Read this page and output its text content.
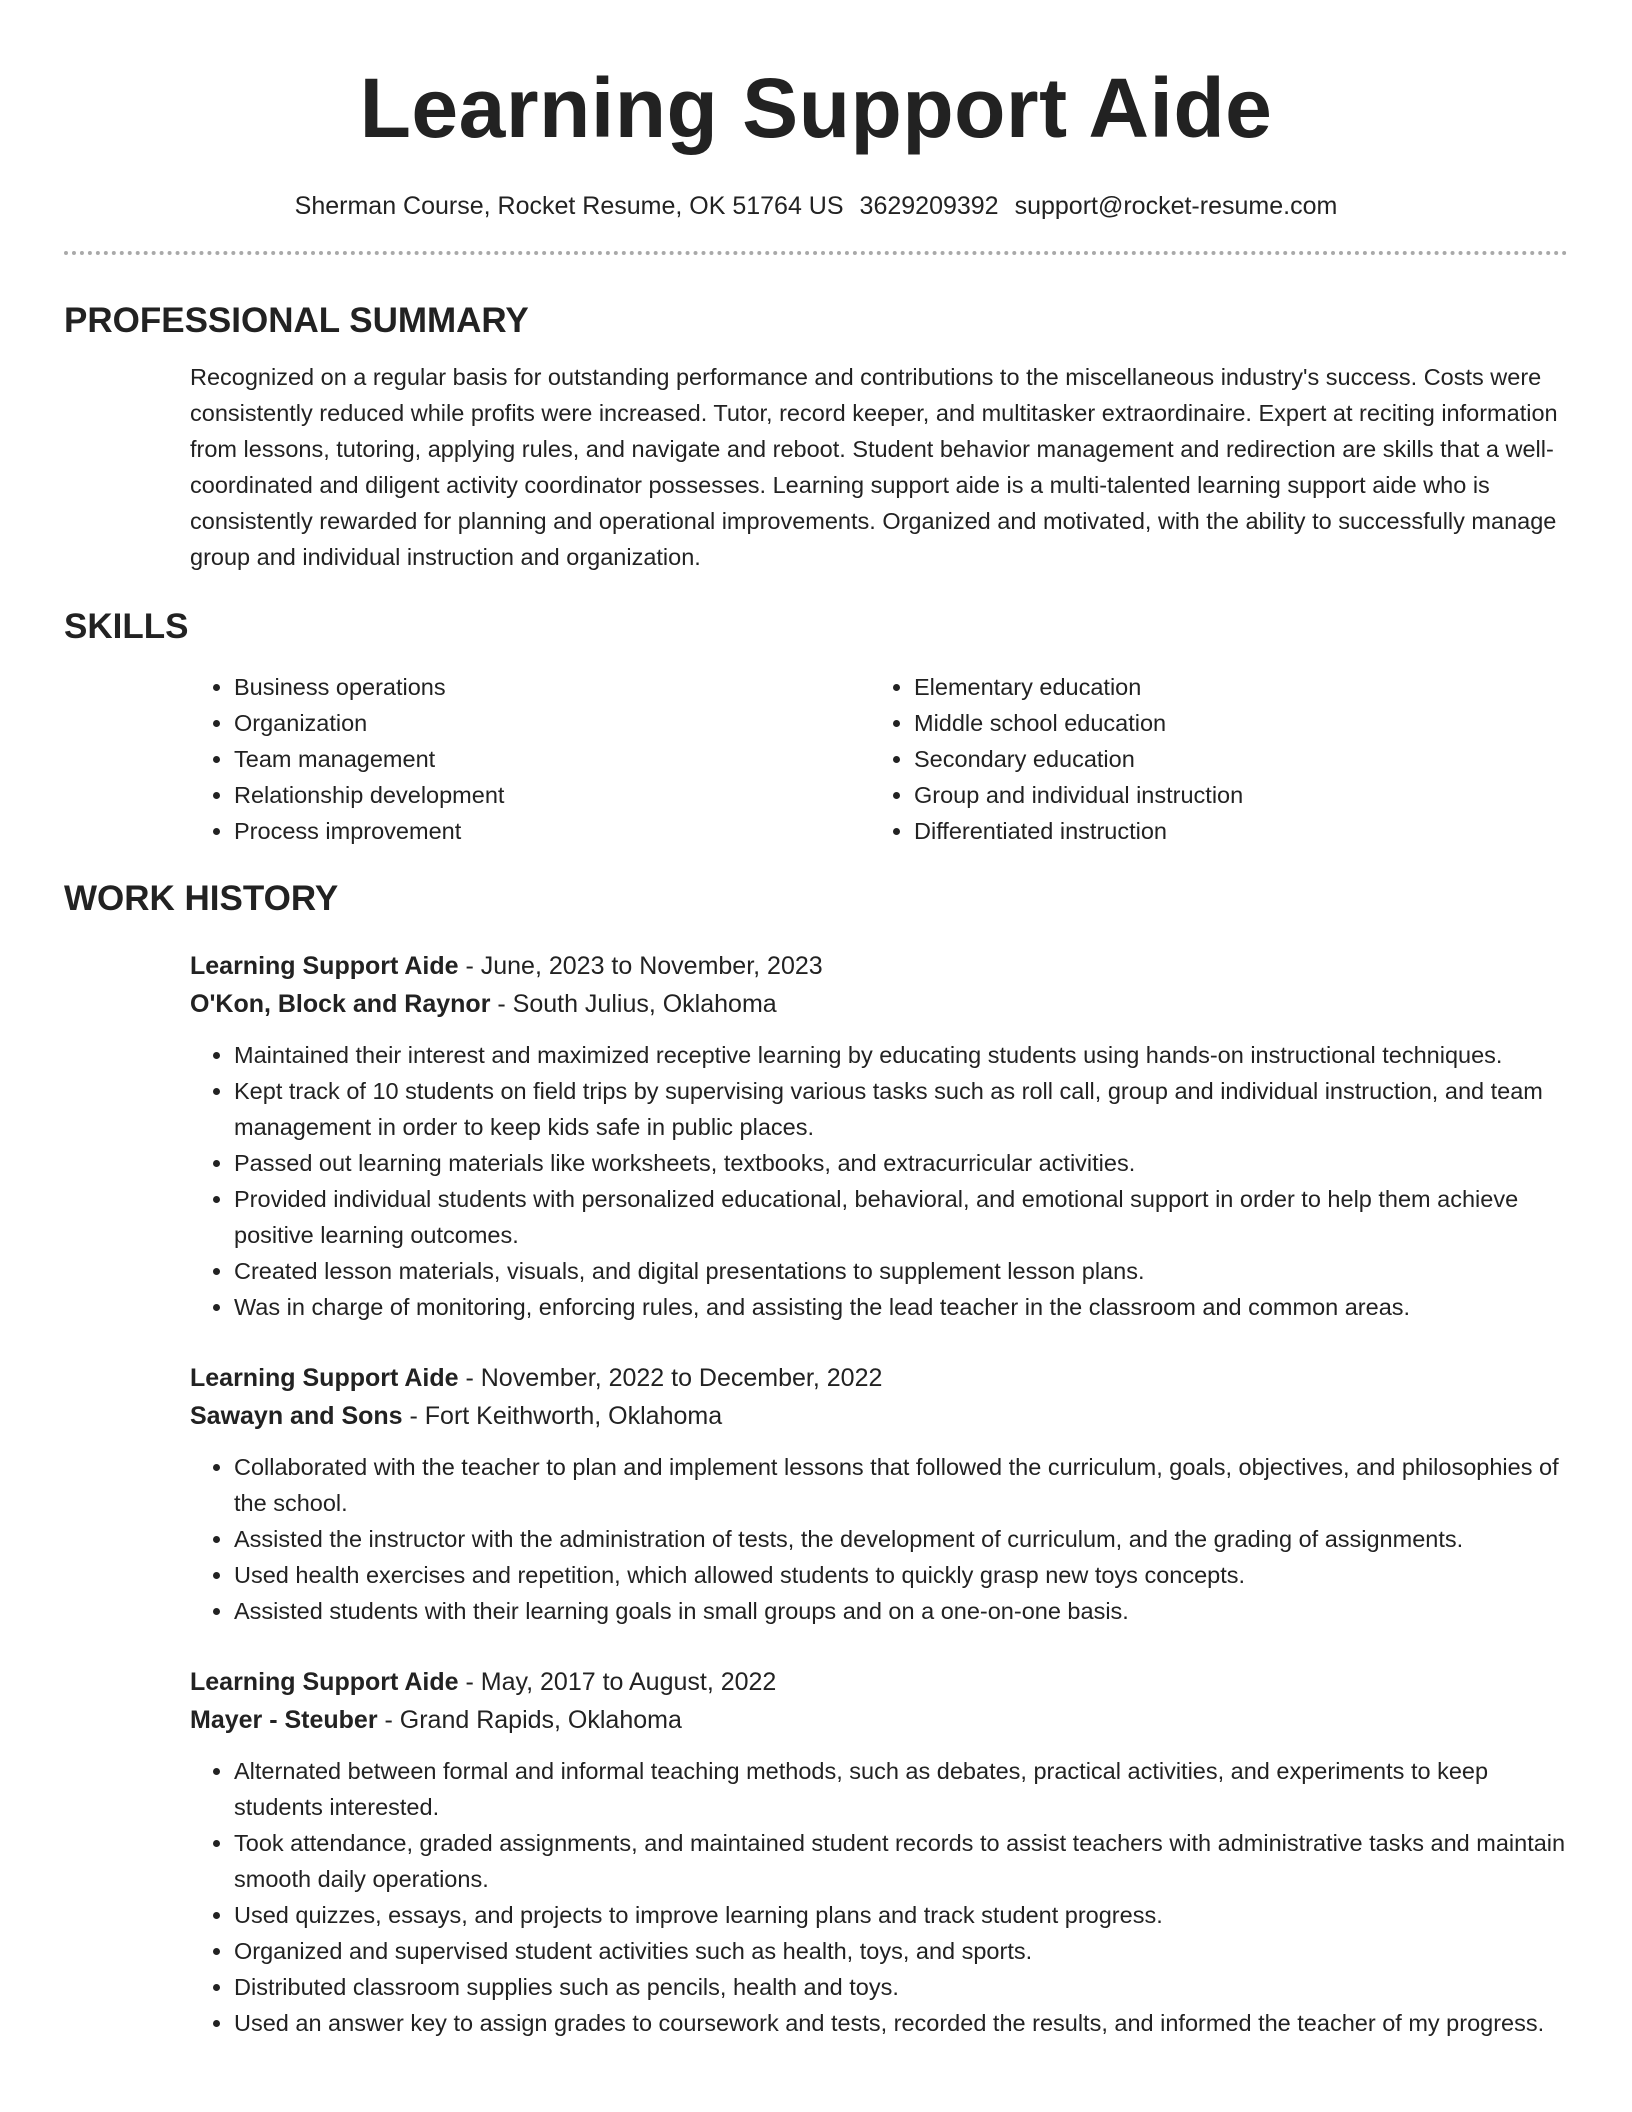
Learning Support Aide
Sherman Course, Rocket Resume, OK 51764 US 3629209392 support@rocket-resume.com
PROFESSIONAL SUMMARY

Recognized on a regular basis for outstanding performance and contributions to the miscellaneous industry's success. Costs were consistently reduced while profits were increased. Tutor, record keeper, and multitasker extraordinaire. Expert at reciting information from lessons, tutoring, applying rules, and navigate and reboot. Student behavior management and redirection are skills that a well-coordinated and diligent activity coordinator possesses. Learning support aide is a multi-talented learning support aide who is consistently rewarded for planning and operational improvements. Organized and motivated, with the ability to successfully manage group and individual instruction and organization.

SKILLS
• Business operations
• Organization
• Team management
• Relationship development
• Process improvement
• Elementary education
• Middle school education
• Secondary education
• Group and individual instruction
• Differentiated instruction
WORK HISTORY
Learning Support Aide - June, 2023 to November, 2023
O'Kon, Block and Raynor - South Julius, Oklahoma
• Maintained their interest and maximized receptive learning by educating students using hands-on instructional techniques.
• Kept track of 10 students on field trips by supervising various tasks such as roll call, group and individual instruction, and team management in order to keep kids safe in public places.
• Passed out learning materials like worksheets, textbooks, and extracurricular activities.
• Provided individual students with personalized educational, behavioral, and emotional support in order to help them achieve positive learning outcomes.
• Created lesson materials, visuals, and digital presentations to supplement lesson plans.
• Was in charge of monitoring, enforcing rules, and assisting the lead teacher in the classroom and common areas.
Learning Support Aide - November, 2022 to December, 2022
Sawayn and Sons - Fort Keithworth, Oklahoma
• Collaborated with the teacher to plan and implement lessons that followed the curriculum, goals, objectives, and philosophies of the school.
• Assisted the instructor with the administration of tests, the development of curriculum, and the grading of assignments.
• Used health exercises and repetition, which allowed students to quickly grasp new toys concepts.
• Assisted students with their learning goals in small groups and on a one-on-one basis.
Learning Support Aide - May, 2017 to August, 2022
Mayer - Steuber - Grand Rapids, Oklahoma
• Alternated between formal and informal teaching methods, such as debates, practical activities, and experiments to keep students interested.
• Took attendance, graded assignments, and maintained student records to assist teachers with administrative tasks and maintain smooth daily operations.
• Used quizzes, essays, and projects to improve learning plans and track student progress.
• Organized and supervised student activities such as health, toys, and sports.
• Distributed classroom supplies such as pencils, health and toys.
• Used an answer key to assign grades to coursework and tests, recorded the results, and informed the teacher of my progress.
